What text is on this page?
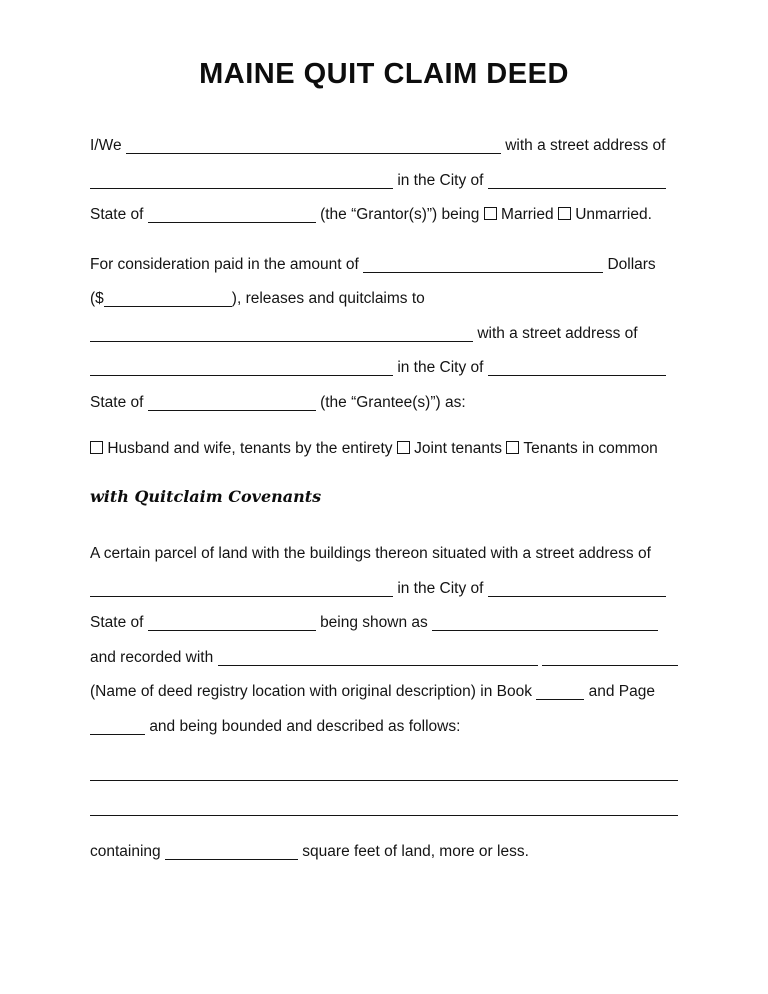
MAINE QUIT CLAIM DEED
I/We	with a street address of
in the City of
State of	(the “Grantor(s)”) being Married Unmarried.
For consideration paid in the amount of	Dollars
($	), releases and quitclaims to
with a street address of
in the City of
State of	(the “Grantee(s)”) as:
Husband and wife, tenants by the entirety Joint tenants Tenants in common
with Quitclaim Covenants
A certain parcel of land with the buildings thereon situated with a street address of
in the City of
State of	being shown as
and recorded with
(Name of deed registry location with original description) in Book	and Page
and being bounded and described as follows:
containing	square feet of land, more or less.
